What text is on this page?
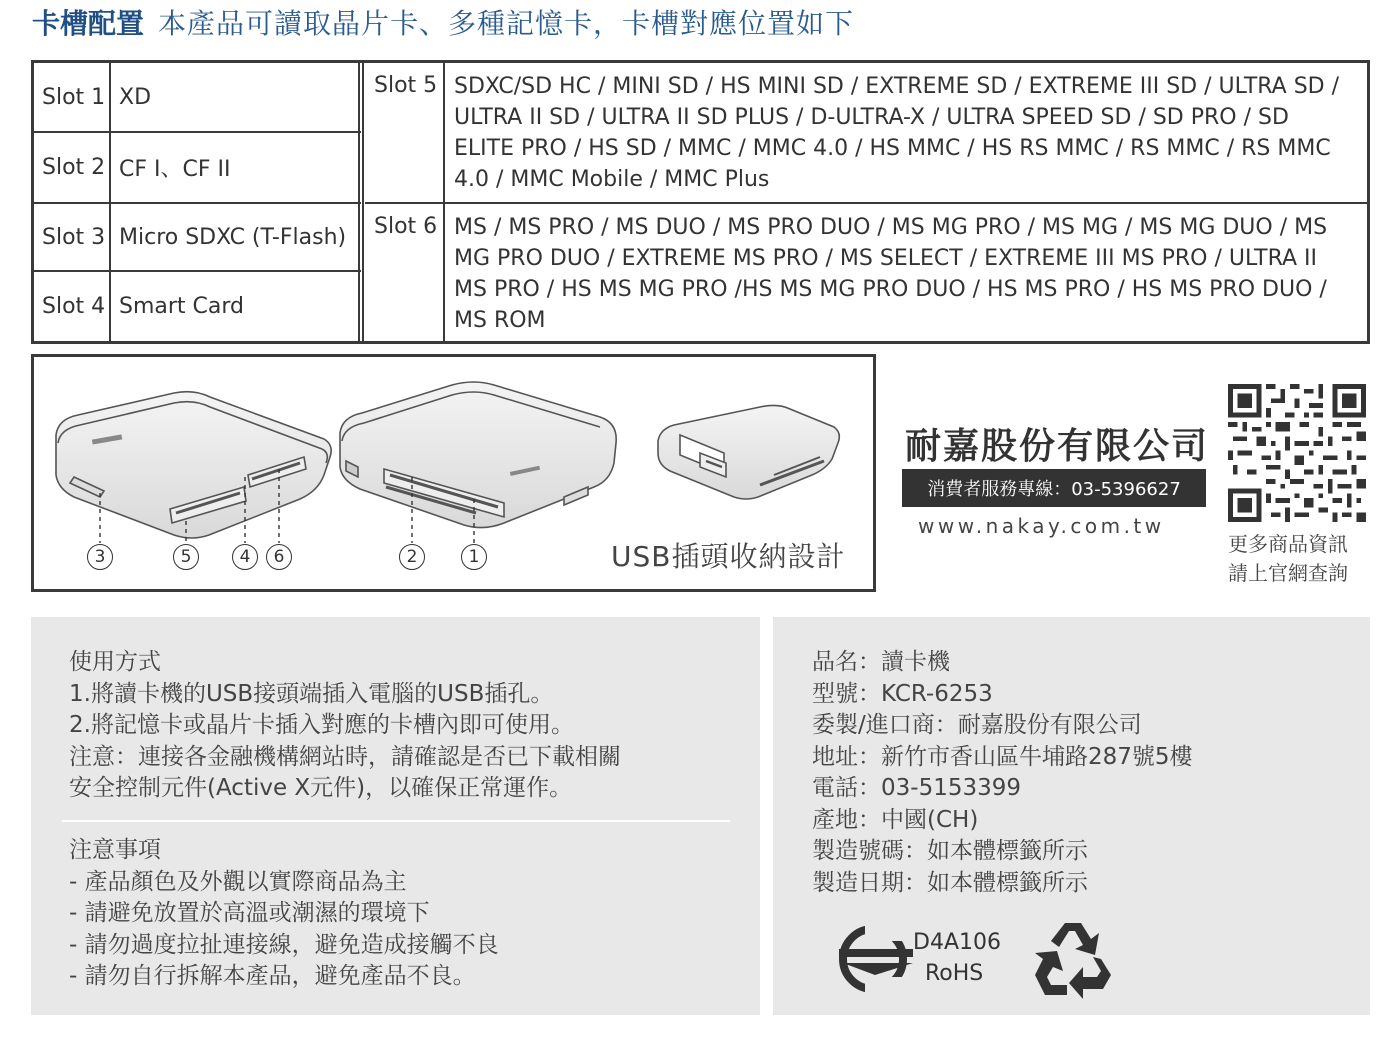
卡槽配置 本產品可讀取晶片卡、多種記憶卡，卡槽對應位置如下
Slot 1 XD
Slot 2 CF I、CF II
Slot 3 Micro SDXC (T-Flash)
Slot 4 Smart Card
Slot 5 SDXC/SD HC / MINI SD / HS MINI SD / EXTREME SD / EXTREME III SD / ULTRA SD / ULTRA II SD / ULTRA II SD PLUS / D-ULTRA-X / ULTRA SPEED SD / SD PRO / SD ELITE PRO / HS SD / MMC / MMC 4.0 / HS MMC / HS RS MMC / RS MMC / RS MMC 4.0 / MMC Mobile / MMC Plus
Slot 6 MS / MS PRO / MS DUO / MS PRO DUO / MS MG PRO / MS MG / MS MG DUO / MS MG PRO DUO / EXTREME MS PRO / MS SELECT / EXTREME III MS PRO / ULTRA II MS PRO / HS MS MG PRO /HS MS MG PRO DUO / HS MS PRO / HS MS PRO DUO / MS ROM
3	5	4	6	2	1	USB插頭收納設計
耐嘉股份有限公司
消費者服務專線：03-5396627
www.nakay.com.tw
更多商品資訊
請上官網查詢
使用方式
1.將讀卡機的USB接頭端插入電腦的USB插孔。
2.將記憶卡或晶片卡插入對應的卡槽內即可使用。
注意：連接各金融機構網站時，請確認是否已下載相關
安全控制元件(Active X元件)，以確保正常運作。
注意事項
- 產品顏色及外觀以實際商品為主
- 請避免放置於高溫或潮濕的環境下
- 請勿過度拉扯連接線，避免造成接觸不良
- 請勿自行拆解本產品，避免產品不良。
品名：讀卡機
型號：KCR-6253
委製/進口商：耐嘉股份有限公司
地址：新竹市香山區牛埔路287號5樓
電話：03-5153399
產地：中國(CH)
製造號碼：如本體標籤所示
製造日期：如本體標籤所示
D4A106
RoHS
